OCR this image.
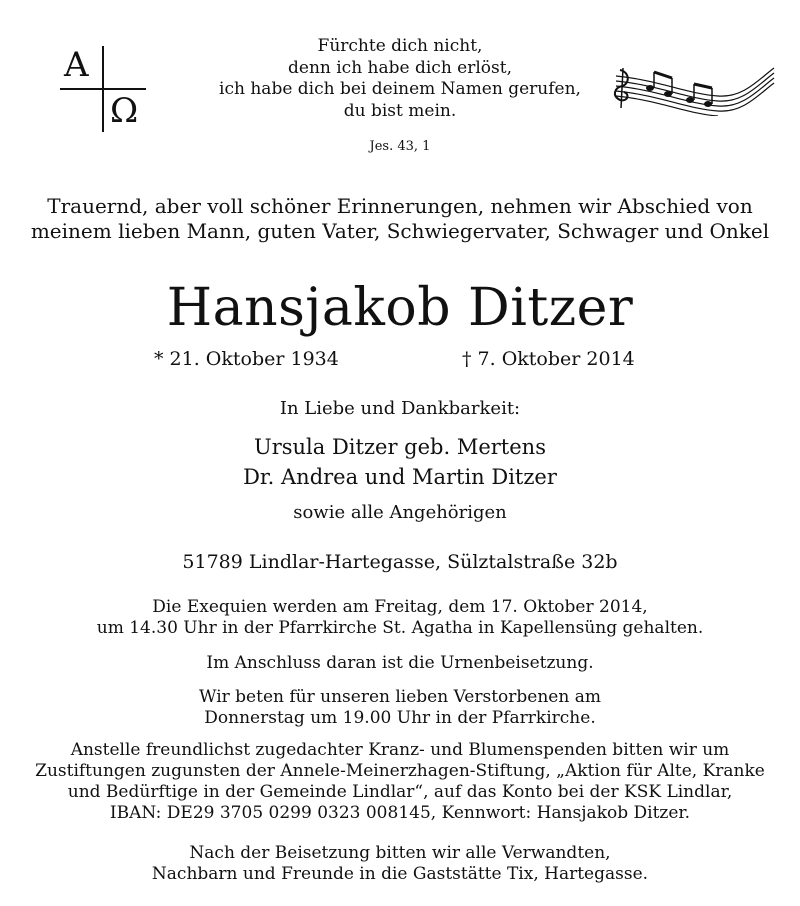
A
Ω
Fürchte dich nicht,
denn ich habe dich erlöst,
ich habe dich bei deinem Namen gerufen,
du bist mein.
Jes. 43, 1
Trauernd, aber voll schöner Erinnerungen, nehmen wir Abschied von
meinem lieben Mann, guten Vater, Schwiegervater, Schwager und Onkel
Hansjakob Ditzer
* 21. Oktober 1934	† 7. Oktober 2014
In Liebe und Dankbarkeit:
Ursula Ditzer geb. Mertens
Dr. Andrea und Martin Ditzer
sowie alle Angehörigen
51789 Lindlar-Hartegasse, Sülztalstraße 32b
Die Exequien werden am Freitag, dem 17. Oktober 2014,
um 14.30 Uhr in der Pfarrkirche St. Agatha in Kapellensüng gehalten.
Im Anschluss daran ist die Urnenbeisetzung.
Wir beten für unseren lieben Verstorbenen am
Donnerstag um 19.00 Uhr in der Pfarrkirche.
Anstelle freundlichst zugedachter Kranz- und Blumenspenden bitten wir um
Zustiftungen zugunsten der Annele-Meinerzhagen-Stiftung, „Aktion für Alte, Kranke
und Bedürftige in der Gemeinde Lindlar“, auf das Konto bei der KSK Lindlar,
IBAN: DE29 3705 0299 0323 008145, Kennwort: Hansjakob Ditzer.
Nach der Beisetzung bitten wir alle Verwandten,
Nachbarn und Freunde in die Gaststätte Tix, Hartegasse.
